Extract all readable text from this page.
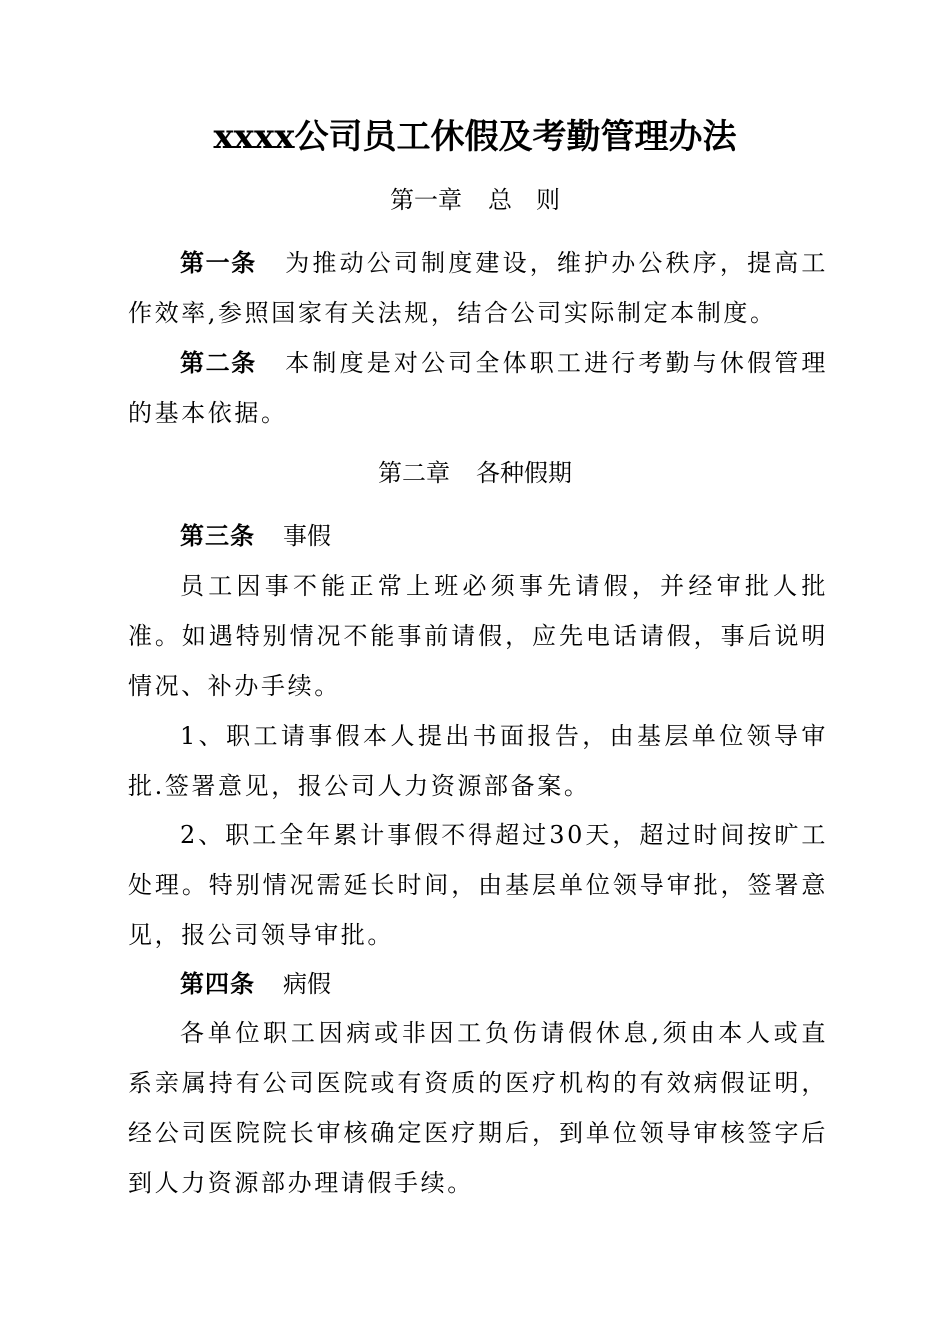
xxxx公司员工休假及考勤管理办法
第一章 总　则
第一条 为推动公司制度建设，维护办公秩序，提高工作效率,参照国家有关法规，结合公司实际制定本制度。
第二条 本制度是对公司全体职工进行考勤与休假管理的基本依据。
第二章 各种假期
第三条 事假
员工因事不能正常上班必须事先请假，并经审批人批准。如遇特别情况不能事前请假，应先电话请假，事后说明情况、补办手续。
1、职工请事假本人提出书面报告，由基层单位领导审批.签署意见，报公司人力资源部备案。
2、职工全年累计事假不得超过30天，超过时间按旷工处理。特别情况需延长时间，由基层单位领导审批，签署意见，报公司领导审批。
第四条 病假
各单位职工因病或非因工负伤请假休息,须由本人或直系亲属持有公司医院或有资质的医疗机构的有效病假证明，经公司医院院长审核确定医疗期后，到单位领导审核签字后到人力资源部办理请假手续。
